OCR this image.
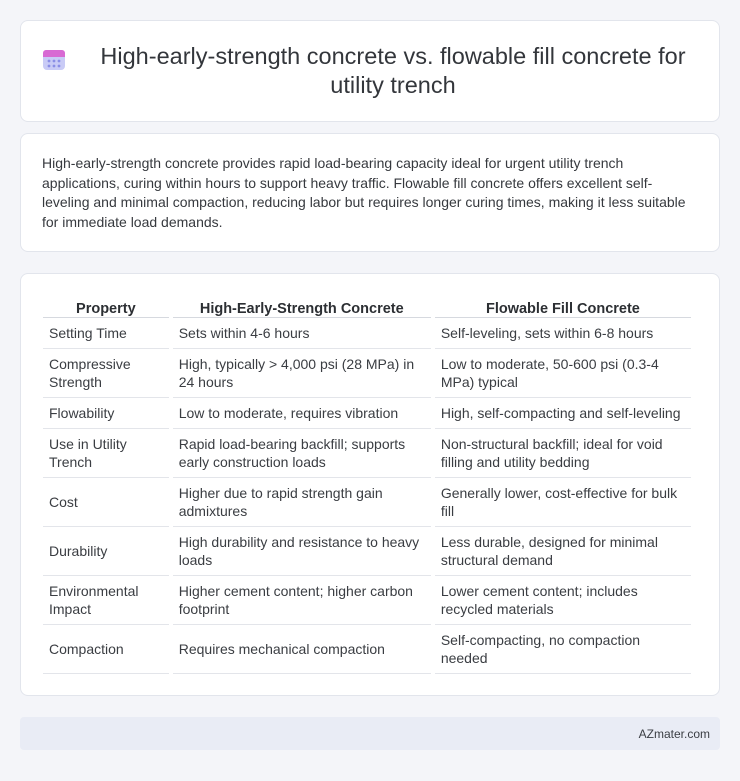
High-early-strength concrete vs. flowable fill concrete for utility trench

High-early-strength concrete provides rapid load-bearing capacity ideal for urgent utility trench applications, curing within hours to support heavy traffic. Flowable fill concrete offers excellent self-leveling and minimal compaction, reducing labor but requires longer curing times, making it less suitable for immediate load demands.

Property	High-Early-Strength Concrete	Flowable Fill Concrete
Setting Time	Sets within 4-6 hours	Self-leveling, sets within 6-8 hours
Compressive Strength	High, typically > 4,000 psi (28 MPa) in 24 hours	Low to moderate, 50-600 psi (0.3-4 MPa) typical
Flowability	Low to moderate, requires vibration	High, self-compacting and self-leveling
Use in Utility Trench	Rapid load-bearing backfill; supports early construction loads	Non-structural backfill; ideal for void filling and utility bedding
Cost	Higher due to rapid strength gain admixtures	Generally lower, cost-effective for bulk fill
Durability	High durability and resistance to heavy loads	Less durable, designed for minimal structural demand
Environmental Impact	Higher cement content; higher carbon footprint	Lower cement content; includes recycled materials
Compaction	Requires mechanical compaction	Self-compacting, no compaction needed
AZmater.com
